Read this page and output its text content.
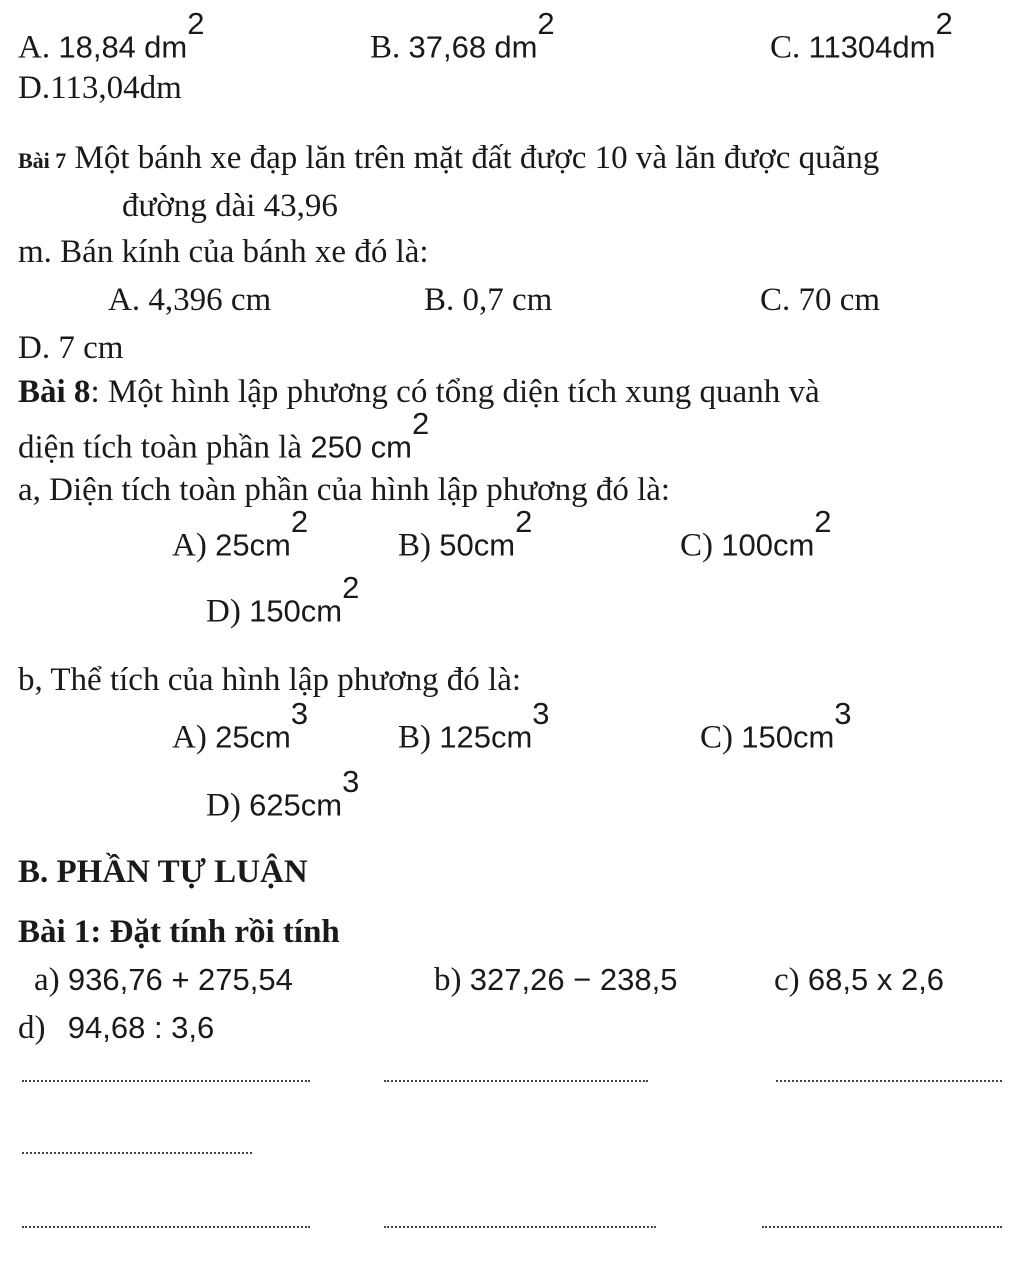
A. 18,84 $dm^2$
B. 37,68 $dm^2$
C. $11304dm^2$
D.113,04dm
Bài 7 Một bánh xe đạp lăn trên mặt đất được 10 và lăn được quãng
đường dài 43,96
m. Bán kính của bánh xe đó là:
A. 4,396 cm	B. 0,7 cm	C. 70 cm
D. 7 cm
Bài 8: Một hình lập phương có tổng diện tích xung quanh và
diện tích toàn phần là 250 $cm^2$
a, Diện tích toàn phần của hình lập phương đó là:
A) $25cm^2$
B) $50cm^2$
C) $100cm^2$
D) $150cm^2$
b, Thể tích của hình lập phương đó là:
A) $25cm^3$
B) $125cm^3$
C) $150cm^3$
D) $625cm^3$
B. PHẦN TỰ LUẬN
Bài 1: Đặt tính rồi tính
a) 936,76 + 275,54	b) 327,26 − 238,5	c) 68,5 x 2,6
d) 94,68 : 3,6
